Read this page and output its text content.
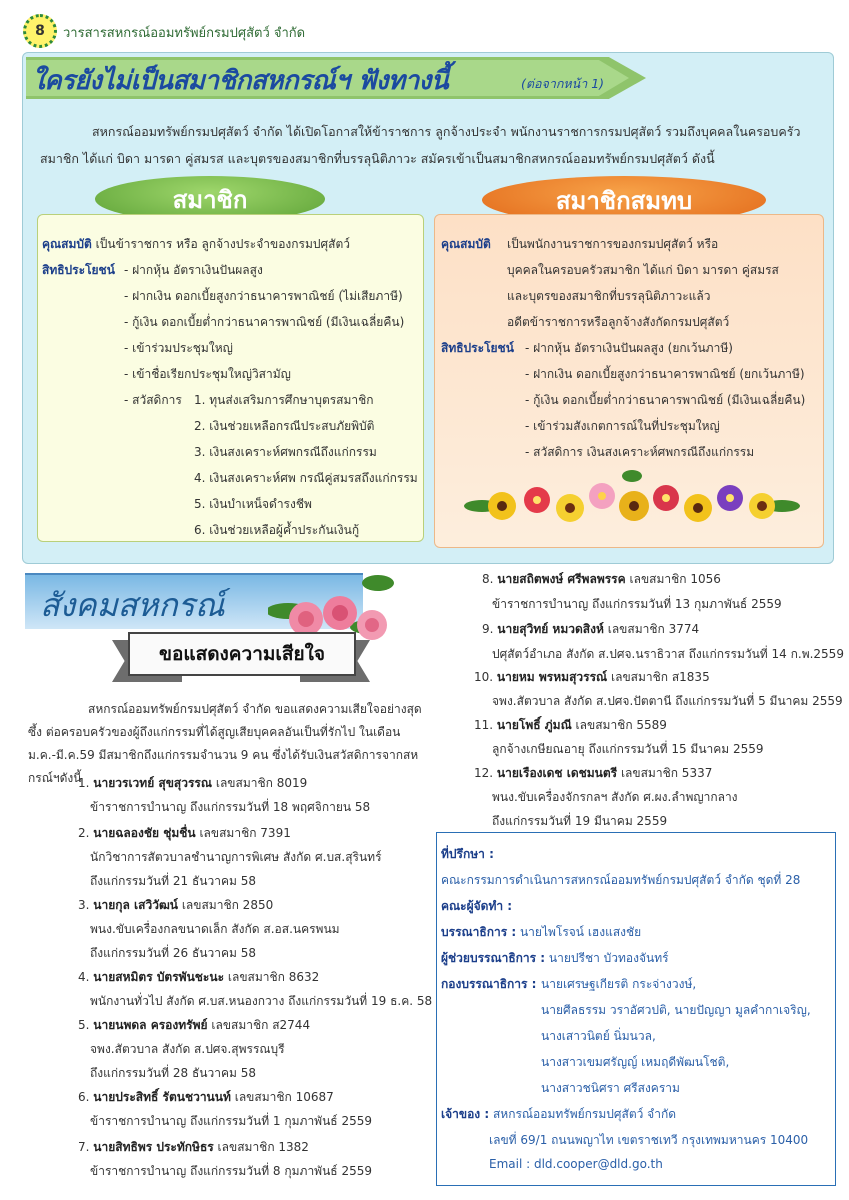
8 วารสารสหกรณ์ออมทรัพย์กรมปศุสัตว์ จำกัด
ใครยังไม่เป็นสมาชิกสหกรณ์ฯ ฟังทางนี้	(ต่อจากหน้า 1)
สหกรณ์ออมทรัพย์กรมปศุสัตว์ จำกัด ได้เปิดโอกาสให้ข้าราชการ ลูกจ้างประจำ พนักงานราชการกรมปศุสัตว์ รวมถึงบุคคลในครอบครัวสมาชิก ได้แก่ บิดา มารดา คู่สมรส และบุตรของสมาชิกที่บรรลุนิติภาวะ สมัครเข้าเป็นสมาชิกสหกรณ์ออมทรัพย์กรมปศุสัตว์ ดังนี้
สมาชิก	สมาชิกสมทบ
คุณสมบัติ เป็นข้าราชการ หรือ ลูกจ้างประจำของกรมปศุสัตว์
สิทธิประโยชน์ - ฝากหุ้น อัตราเงินปันผลสูง
- ฝากเงิน ดอกเบี้ยสูงกว่าธนาคารพาณิชย์ (ไม่เสียภาษี)
- กู้เงิน ดอกเบี้ยต่ำกว่าธนาคารพาณิชย์ (มีเงินเฉลี่ยคืน)
- เข้าร่วมประชุมใหญ่
- เข้าชื่อเรียกประชุมใหญ่วิสามัญ
- สวัสดิการ 1. ทุนส่งเสริมการศึกษาบุตรสมาชิก
2. เงินช่วยเหลือกรณีประสบภัยพิบัติ
3. เงินสงเคราะห์ศพกรณีถึงแก่กรรม
4. เงินสงเคราะห์ศพ กรณีคู่สมรสถึงแก่กรรม
5. เงินบำเหน็จดำรงชีพ
6. เงินช่วยเหลือผู้ค้ำประกันเงินกู้
คุณสมบัติ เป็นพนักงานราชการของกรมปศุสัตว์ หรือ
บุคคลในครอบครัวสมาชิก ได้แก่ บิดา มารดา คู่สมรส
และบุตรของสมาชิกที่บรรลุนิติภาวะแล้ว
อดีตข้าราชการหรือลูกจ้างสังกัดกรมปศุสัตว์
สิทธิประโยชน์ - ฝากหุ้น อัตราเงินปันผลสูง (ยกเว้นภาษี)
- ฝากเงิน ดอกเบี้ยสูงกว่าธนาคารพาณิชย์ (ยกเว้นภาษี)
- กู้เงิน ดอกเบี้ยต่ำกว่าธนาคารพาณิชย์ (มีเงินเฉลี่ยคืน)
- เข้าร่วมสังเกตการณ์ในที่ประชุมใหญ่
- สวัสดิการ เงินสงเคราะห์ศพกรณีถึงแก่กรรม
สังคมสหกรณ์
ขอแสดงความเสียใจ
สหกรณ์ออมทรัพย์กรมปศุสัตว์ จำกัด ขอแสดงความเสียใจอย่างสุดซึ้ง ต่อครอบครัวของผู้ถึงแก่กรรมที่ได้สูญเสียบุคคลอันเป็นที่รักไป ในเดือนม.ค.-มี.ค.59 มีสมาชิกถึงแก่กรรมจำนวน 9 คน ซึ่งได้รับเงินสวัสดิการจากสหกรณ์ฯดังนี้
1. นายวรเวทย์ สุขสุวรรณ เลขสมาชิก 8019
ข้าราชการบำนาญ ถึงแก่กรรมวันที่ 18 พฤศจิกายน 58
2. นายฉลองชัย ชุ่มชื่น เลขสมาชิก 7391
นักวิชาการสัตวบาลชำนาญการพิเศษ สังกัด ศ.บส.สุรินทร์
ถึงแก่กรรมวันที่ 21 ธันวาคม 58
3. นายกุล เสวิวัฒน์ เลขสมาชิก 2850
พนง.ขับเครื่องกลขนาดเล็ก สังกัด ส.อส.นครพนม
ถึงแก่กรรมวันที่ 26 ธันวาคม 58
4. นายสหมิตร บัตรพันชะนะ เลขสมาชิก 8632
พนักงานทั่วไป สังกัด ศ.บส.หนองกวาง ถึงแก่กรรมวันที่ 19 ธ.ค. 58
5. นายนพดล ครองทรัพย์ เลขสมาชิก ส2744
จพง.สัตวบาล สังกัด ส.ปศจ.สุพรรณบุรี
ถึงแก่กรรมวันที่ 28 ธันวาคม 58
6. นายประสิทธิ์ รัตนชวานนท์ เลขสมาชิก 10687
ข้าราชการบำนาญ ถึงแก่กรรมวันที่ 1 กุมภาพันธ์ 2559
7. นายสิทธิพร ประทักษิธร เลขสมาชิก 1382
ข้าราชการบำนาญ ถึงแก่กรรมวันที่ 8 กุมภาพันธ์ 2559
8. นายสถิตพงษ์ ศรีพลพรรค เลขสมาชิก 1056
ข้าราชการบำนาญ ถึงแก่กรรมวันที่ 13 กุมภาพันธ์ 2559
9. นายสุวิทย์ หมวดสิงห์ เลขสมาชิก 3774
ปศุสัตว์อำเภอ สังกัด ส.ปศจ.นราธิวาส ถึงแก่กรรมวันที่ 14 ก.พ.2559
10. นายหม พรหมสุวรรณ์ เลขสมาชิก ส1835
จพง.สัตวบาล สังกัด ส.ปศจ.ปัตตานี ถึงแก่กรรมวันที่ 5 มีนาคม 2559
11. นายโพธิ์ ภู่มณี เลขสมาชิก 5589
ลูกจ้างเกษียณอายุ ถึงแก่กรรมวันที่ 15 มีนาคม 2559
12. นายเรืองเดช เดชมนตรี เลขสมาชิก 5337
พนง.ขับเครื่องจักรกลฯ สังกัด ศ.ผง.ลำพญากลาง
ถึงแก่กรรมวันที่ 19 มีนาคม 2559
ที่ปรึกษา :
คณะกรรมการดำเนินการสหกรณ์ออมทรัพย์กรมปศุสัตว์ จำกัด ชุดที่ 28
คณะผู้จัดทำ :
บรรณาธิการ : นายไพโรจน์ เฮงแสงชัย
ผู้ช่วยบรรณาธิการ : นายปรีชา บัวทองจันทร์
กองบรรณาธิการ : นายเศรษฐเกียรติ กระจ่างวงษ์,
นายศีลธรรม วราอัศวปติ, นายปัญญา มูลคำกาเจริญ,
นางเสาวนิตย์ นิ่มนวล,
นางสาวเขมศรัญญ์ เหมฤดีพัฒนโชติ,
นางสาวชนิศรา ศรีสงคราม
เจ้าของ : สหกรณ์ออมทรัพย์กรมปศุสัตว์ จำกัด
เลขที่ 69/1 ถนนพญาไท เขตราชเทวี กรุงเทพมหานคร 10400
Email : dld.cooper@dld.go.th
